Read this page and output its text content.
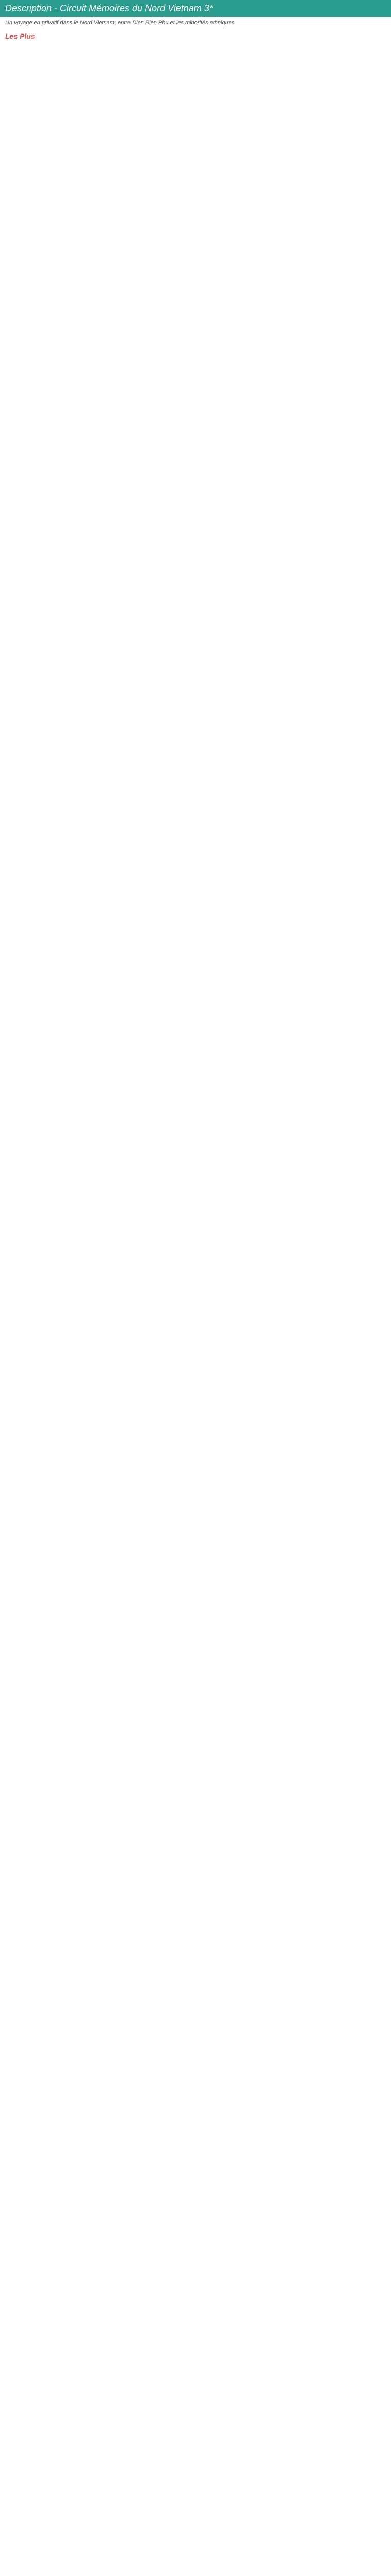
Description - Circuit Mémoires du Nord Vietnam 3*

Un voyage en privatif dans le Nord Vietnam, entre Dien Bien Phu et les minorités ethniques.

Les Plus
